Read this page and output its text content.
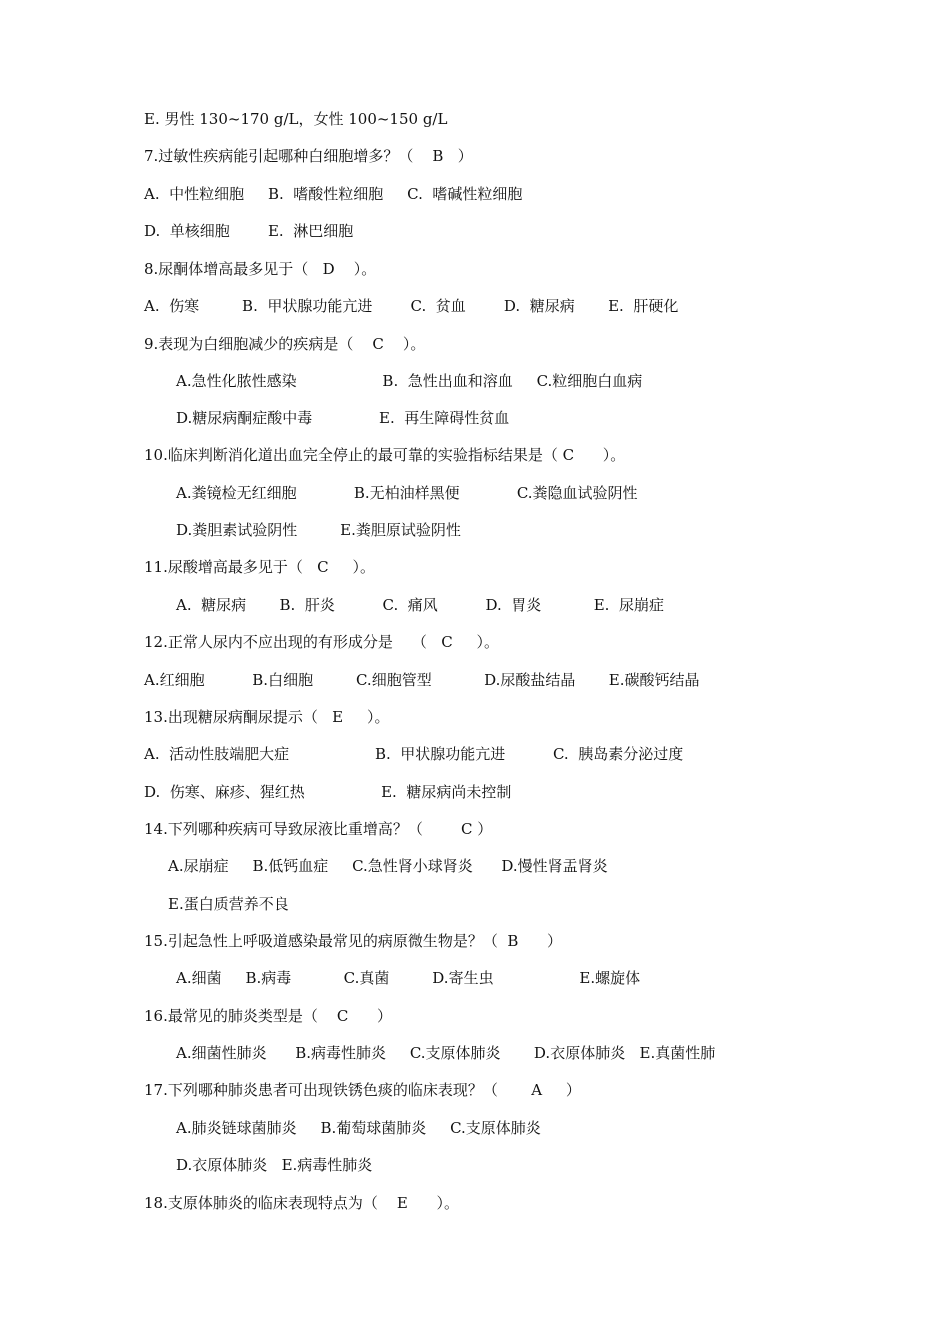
E. 男性 130~170 g/L，女性 100~150 g/L
7.过敏性疾病能引起哪种白细胞增多？（    B   ）
A.  中性粒细胞     B.  嗜酸性粒细胞     C.  嗜碱性粒细胞
D.  单核细胞        E.  淋巴细胞
8.尿酮体增高最多见于（   D    ）。
A.  伤寒         B.  甲状腺功能亢进        C.  贫血        D.  糖尿病       E.  肝硬化
9.表现为白细胞减少的疾病是（    C    ）。
A.急性化脓性感染                  B.  急性出血和溶血     C.粒细胞白血病
D.糖尿病酮症酸中毒              E.  再生障碍性贫血
10.临床判断消化道出血完全停止的最可靠的实验指标结果是（ C      ）。
A.粪镜检无红细胞            B.无柏油样黑便            C.粪隐血试验阴性
D.粪胆素试验阴性         E.粪胆原试验阴性
11.尿酸增高最多见于（   C     ）。
A.  糖尿病       B.  肝炎          C.  痛风          D.  胃炎           E.  尿崩症
12.正常人尿内不应出现的有形成分是    （   C     ）。
A.红细胞          B.白细胞         C.细胞管型           D.尿酸盐结晶       E.碳酸钙结晶
13.出现糖尿病酮尿提示（   E     ）。
A.  活动性肢端肥大症                  B.  甲状腺功能亢进          C.  胰岛素分泌过度
D.  伤寒、麻疹、猩红热                E.  糖尿病尚未控制
14.下列哪种疾病可导致尿液比重增高？（        C ）
A.尿崩症     B.低钙血症     C.急性肾小球肾炎      D.慢性肾盂肾炎
E.蛋白质营养不良
15.引起急性上呼吸道感染最常见的病原微生物是？（  B      ）
A.细菌     B.病毒           C.真菌         D.寄生虫                  E.螺旋体
16.最常见的肺炎类型是（    C      ）
A.细菌性肺炎      B.病毒性肺炎     C.支原体肺炎       D.衣原体肺炎   E.真菌性肺
17.下列哪种肺炎患者可出现铁锈色痰的临床表现？（       A     ）
A.肺炎链球菌肺炎     B.葡萄球菌肺炎     C.支原体肺炎
D.衣原体肺炎   E.病毒性肺炎
18.支原体肺炎的临床表现特点为（    E      ）。
